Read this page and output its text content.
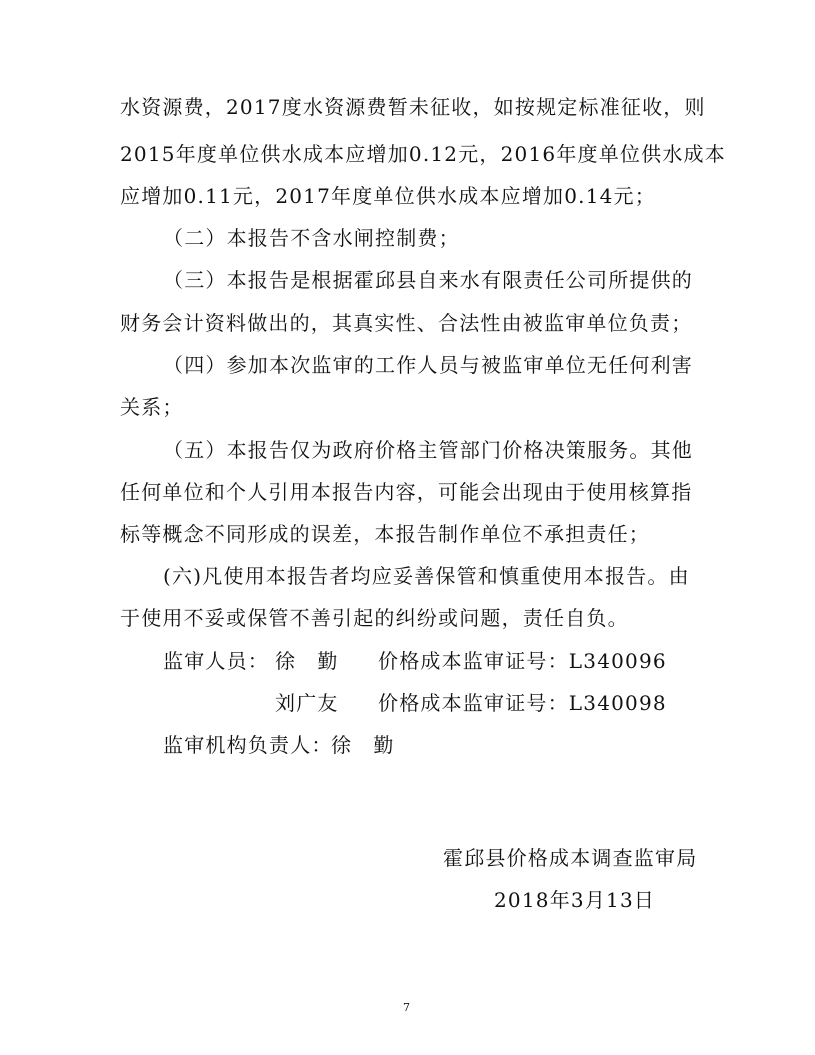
水资源费，2017度水资源费暂未征收，如按规定标准征收，则
2015年度单位供水成本应增加0.12元，2016年度单位供水成本
应增加0.11元，2017年度单位供水成本应增加0.14元；
（二）本报告不含水闸控制费；
（三）本报告是根据霍邱县自来水有限责任公司所提供的
财务会计资料做出的，其真实性、合法性由被监审单位负责；
（四）参加本次监审的工作人员与被监审单位无任何利害
关系；
（五）本报告仅为政府价格主管部门价格决策服务。其他
任何单位和个人引用本报告内容，可能会出现由于使用核算指
标等概念不同形成的误差，本报告制作单位不承担责任；
(六)凡使用本报告者均应妥善保管和慎重使用本报告。由
于使用不妥或保管不善引起的纠纷或问题，责任自负。
监审人员： 徐　勤 价格成本监审证号：L340096
刘广友 价格成本监审证号：L340098
监审机构负责人：
徐　勤
霍邱县价格成本调查监审局
2018年3月13日
7
